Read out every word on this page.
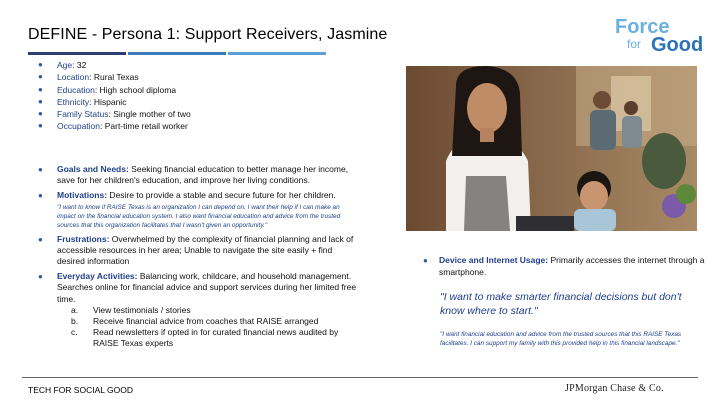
DEFINE - Persona 1: Support Receivers, Jasmine	Force
for Good
● Age: 32
● Location: Rural Texas
● Education: High school diploma
● Ethnicity: Hispanic
● Family Status: Single mother of two
● Occupation: Part-time retail worker
● Goals and Needs: Seeking financial education to better manage her income, save for her children's education, and improve her living conditions.
● Motivations: Desire to provide a stable and secure future for her children.
"I want to know if RAISE Texas is an organization I can depend on. I want their help if I can make an impact on the financial education system. I also want financial education and advice from the trusted sources that this organization facilitates that I wasn't given an opportunity."
● Frustrations: Overwhelmed by the complexity of financial planning and lack of accessible resources in her area; Unable to navigate the site easily + find desired information
● Everyday Activities: Balancing work, childcare, and household management. Searches online for financial advice and support services during her limited free time.
a. View testimonials / stories
b. Receive financial advice from coaches that RAISE arranged
c. Read newsletters if opted in for curated financial news audited by RAISE Texas experts
●	Device and Internet Usage: Primarily accesses the internet through a smartphone.

"I want to make smarter financial decisions but don't know where to start."
"I want financial education and advice from the trusted sources that this RAISE Texas facilitates. I can support my family with this provided help in this financial landscape."
TECH FOR SOCIAL GOOD	JPMorgan Chase & Co.
